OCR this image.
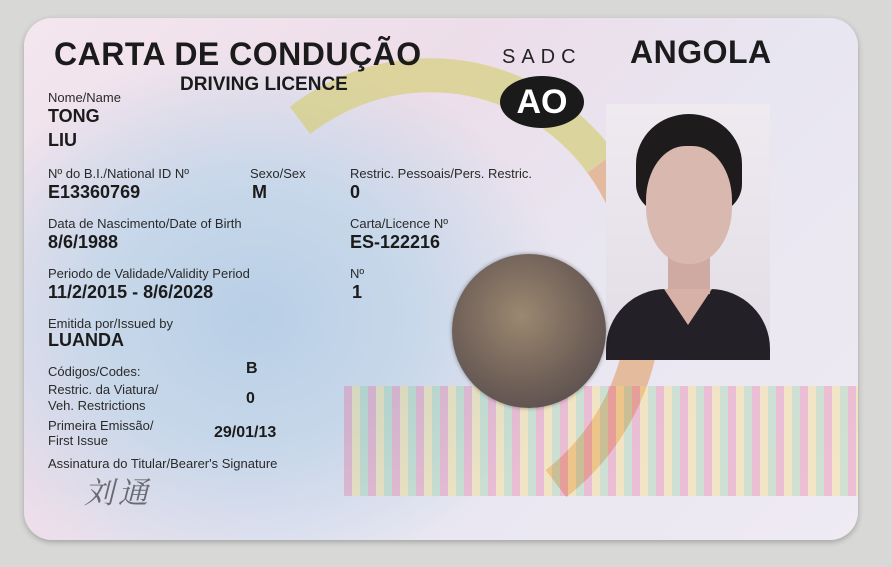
CARTA DE CONDUÇÃO
DRIVING LICENCE
ANGOLA
SADC
AO
Nome/Name
TONG
LIU
Nº do B.I./National ID Nº
E13360769
Sexo/Sex
M
Restric. Pessoais/Pers. Restric.
0
Data de Nascimento/Date of Birth
8/6/1988
Carta/Licence Nº
ES-122216
Periodo de Validade/Validity Period
11/2/2015 - 8/6/2028
Nº
1
Emitida por/Issued by
LUANDA
Códigos/Codes:	B
Restric. da Viatura/
Veh. Restrictions	0
Primeira Emissão/
First Issue	29/01/13
Assinatura do Titular/Bearer's Signature
刘通
